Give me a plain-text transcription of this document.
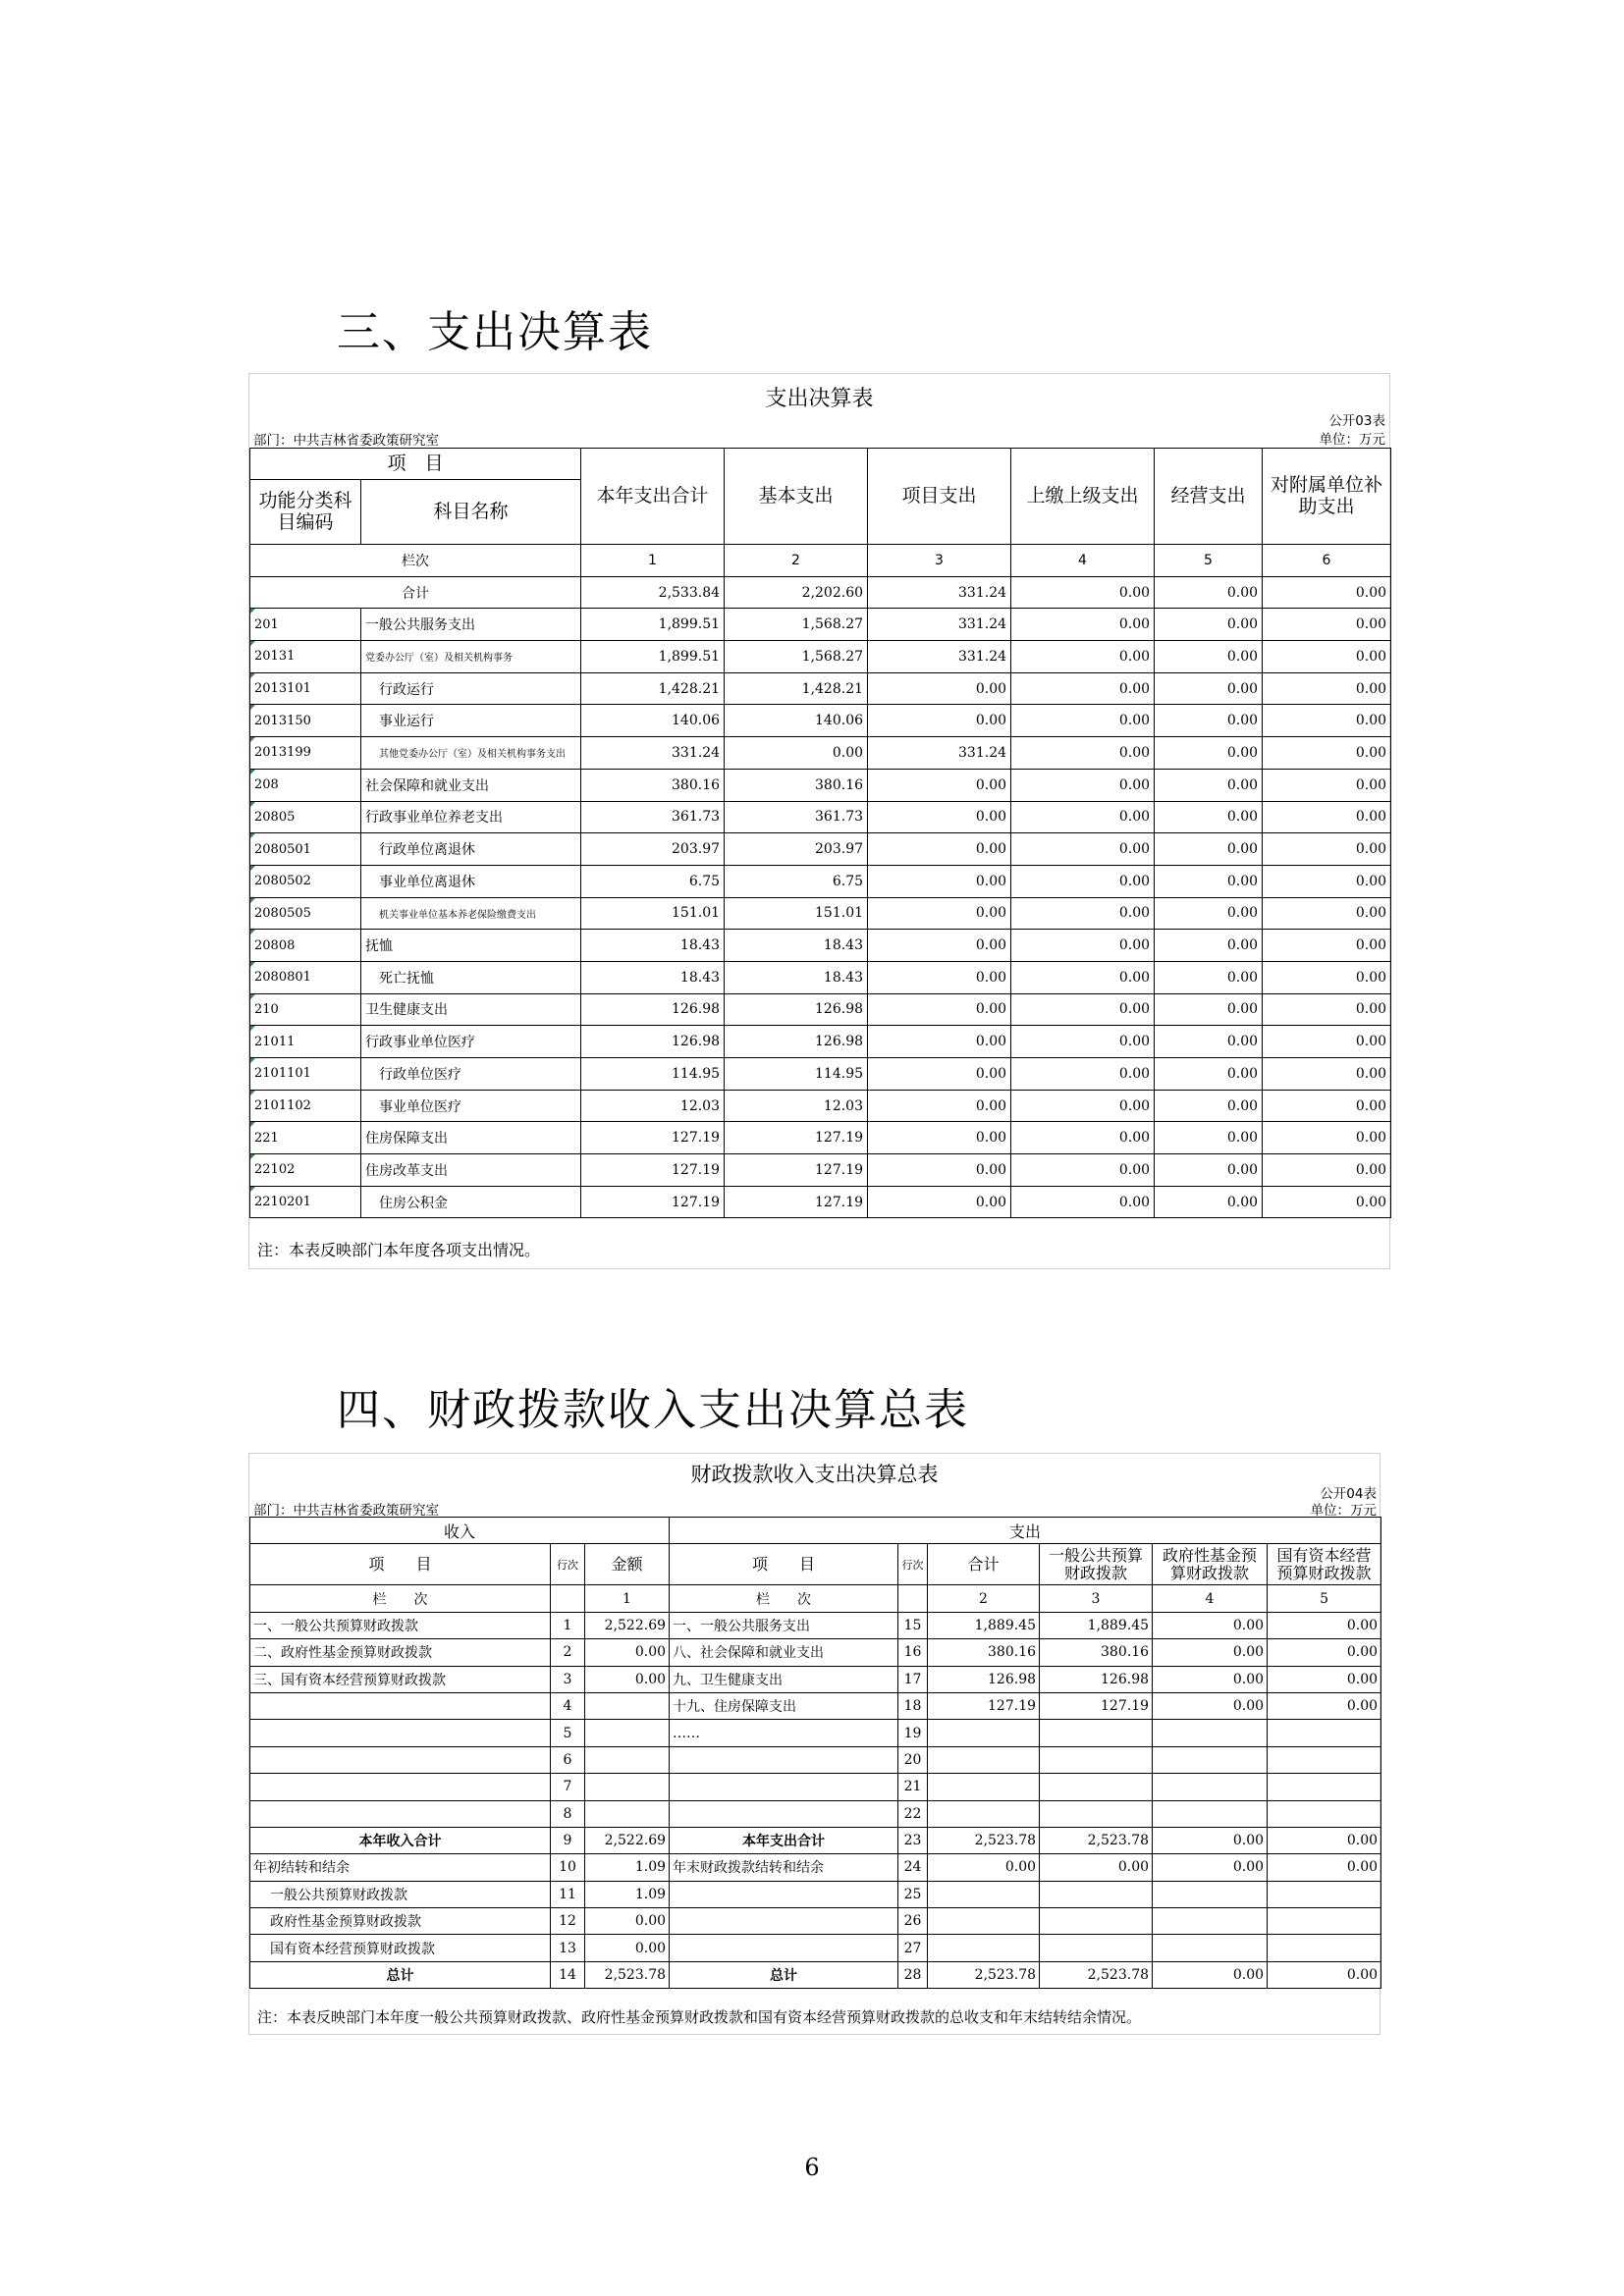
三、支出决算表
支出决算表
公开03表
单位：万元
部门：中共吉林省委政策研究室
项　目		本年支出合计	基本支出	项目支出	上缴上级支出	经营支出	对附属单位补助支出
功能分类科目编码	科目名称						
栏次		1	2	3	4	5	6
合计		2,533.84	2,202.60	331.24	0.00	0.00	0.00
201	一般公共服务支出	1,899.51	1,568.27	331.24	0.00	0.00	0.00
20131	党委办公厅（室）及相关机构事务	1,899.51	1,568.27	331.24	0.00	0.00	0.00
2013101	行政运行	1,428.21	1,428.21	0.00	0.00	0.00	0.00
2013150	事业运行	140.06	140.06	0.00	0.00	0.00	0.00
2013199	其他党委办公厅（室）及相关机构事务支出	331.24	0.00	331.24	0.00	0.00	0.00
208	社会保障和就业支出	380.16	380.16	0.00	0.00	0.00	0.00
20805	行政事业单位养老支出	361.73	361.73	0.00	0.00	0.00	0.00
2080501	行政单位离退休	203.97	203.97	0.00	0.00	0.00	0.00
2080502	事业单位离退休	6.75	6.75	0.00	0.00	0.00	0.00
2080505	机关事业单位基本养老保险缴费支出	151.01	151.01	0.00	0.00	0.00	0.00
20808	抚恤	18.43	18.43	0.00	0.00	0.00	0.00
2080801	死亡抚恤	18.43	18.43	0.00	0.00	0.00	0.00
210	卫生健康支出	126.98	126.98	0.00	0.00	0.00	0.00
21011	行政事业单位医疗	126.98	126.98	0.00	0.00	0.00	0.00
2101101	行政单位医疗	114.95	114.95	0.00	0.00	0.00	0.00
2101102	事业单位医疗	12.03	12.03	0.00	0.00	0.00	0.00
221	住房保障支出	127.19	127.19	0.00	0.00	0.00	0.00
22102	住房改革支出	127.19	127.19	0.00	0.00	0.00	0.00
2210201	住房公积金	127.19	127.19	0.00	0.00	0.00	0.00
注：本表反映部门本年度各项支出情况。
四、财政拨款收入支出决算总表
财政拨款收入支出决算总表
公开04表
单位：万元
部门：中共吉林省委政策研究室
收入			支出					
项　　目	行次	金额	项　　目	行次	合计	一般公共预算财政拨款	政府性基金预算财政拨款	国有资本经营预算财政拨款
栏　　次		1	栏　　次		2	3	4	5
一、一般公共预算财政拨款	1	2,522.69	一、一般公共服务支出	15	1,889.45	1,889.45	0.00	0.00
二、政府性基金预算财政拨款	2	0.00	八、社会保障和就业支出	16	380.16	380.16	0.00	0.00
三、国有资本经营预算财政拨款	3	0.00	九、卫生健康支出	17	126.98	126.98	0.00	0.00
	4		十九、住房保障支出	18	127.19	127.19	0.00	0.00
	5		……	19				
	6			20				
	7			21				
	8			22				
本年收入合计	9	2,522.69	本年支出合计	23	2,523.78	2,523.78	0.00	0.00
年初结转和结余	10	1.09	年末财政拨款结转和结余	24	0.00	0.00	0.00	0.00
一般公共预算财政拨款	11	1.09		25				
政府性基金预算财政拨款	12	0.00		26				
国有资本经营预算财政拨款	13	0.00		27				
总计	14	2,523.78	总计	28	2,523.78	2,523.78	0.00	0.00
注：本表反映部门本年度一般公共预算财政拨款、政府性基金预算财政拨款和国有资本经营预算财政拨款的总收支和年末结转结余情况。
6
